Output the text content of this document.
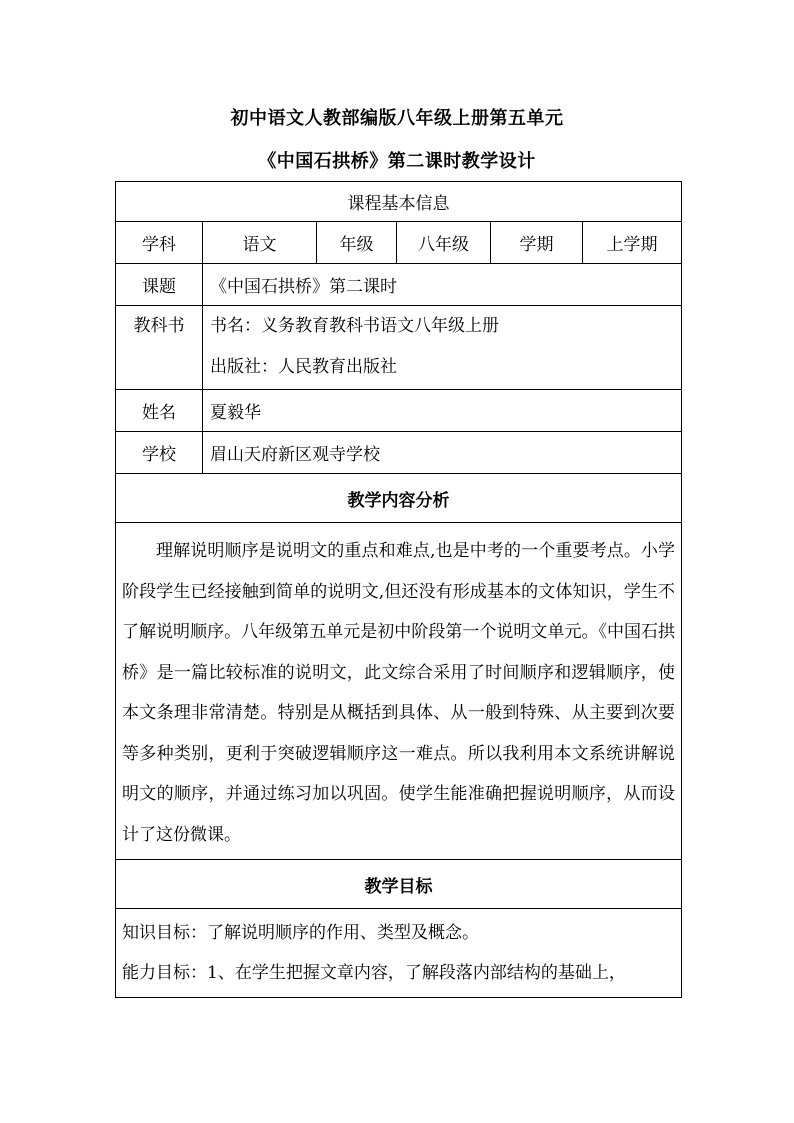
初中语文人教部编版八年级上册第五单元
《中国石拱桥》第二课时教学设计
课程基本信息					
学科	语文	年级	八年级	学期	上学期
课题	《中国石拱桥》第二课时				

教科书	书名：义务教育教科书语文八年级上册
出版社：人民教育出版社				

姓名	夏毅华				
学校	眉山天府新区观寺学校				
教学内容分析					

理解说明顺序是说明文的重点和难点,也是中考的一个重要考点。小学阶段学生已经接触到简单的说明文,但还没有形成基本的文体知识，学生不了解说明顺序。八年级第五单元是初中阶段第一个说明文单元。《中国石拱桥》是一篇比较标准的说明文，此文综合采用了时间顺序和逻辑顺序，使本文条理非常清楚。特别是从概括到具体、从一般到特殊、从主要到次要等多种类别，更利于突破逻辑顺序这一难点。所以我利用本文系统讲解说明文的顺序，并通过练习加以巩固。使学生能准确把握说明顺序，从而设计了这份微课。					

教学目标					

知识目标：了解说明顺序的作用、类型及概念。
能力目标：1、在学生把握文章内容，了解段落内部结构的基础上，					
